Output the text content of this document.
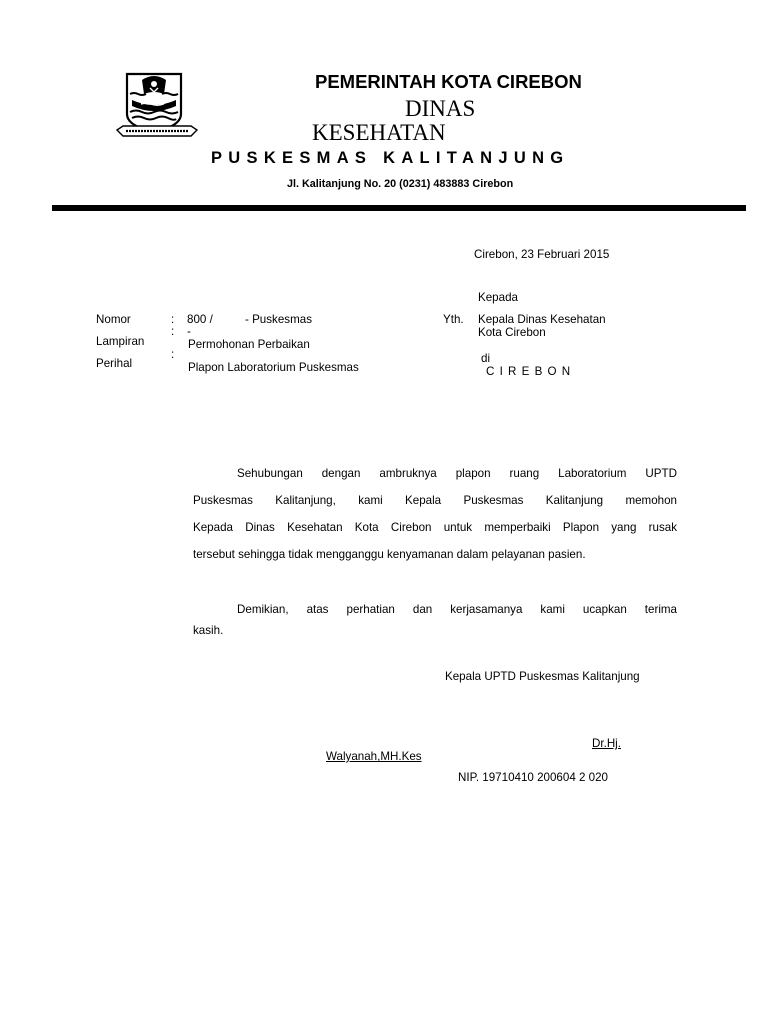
PEMERINTAH KOTA CIREBON
DINAS
KESEHATAN
PUSKESMAS KALITANJUNG
Jl. Kalitanjung No. 20 (0231) 483883 Cirebon
Cirebon, 23 Februari 2015
Kepada
Yth. Kepala Dinas Kesehatan
Kota Cirebon
di
C I R E B O N
Nomor	: 800 /          - Puskesmas
Lampiran
: -
Perihal
:
Permohonan Perbaikan
Plapon Laboratorium Puskesmas
Sehubungan dengan ambruknya plapon ruang Laboratorium UPTD
Puskesmas Kalitanjung, kami Kepala Puskesmas Kalitanjung memohon
Kepada Dinas Kesehatan Kota Cirebon untuk memperbaiki Plapon yang rusak
tersebut sehingga tidak mengganggu kenyamanan dalam pelayanan pasien.
Demikian, atas perhatian dan kerjasamanya kami ucapkan terima
kasih.
Kepala UPTD Puskesmas Kalitanjung
Dr.Hj.
Walyanah,MH.Kes
NIP. 19710410 200604 2 020
